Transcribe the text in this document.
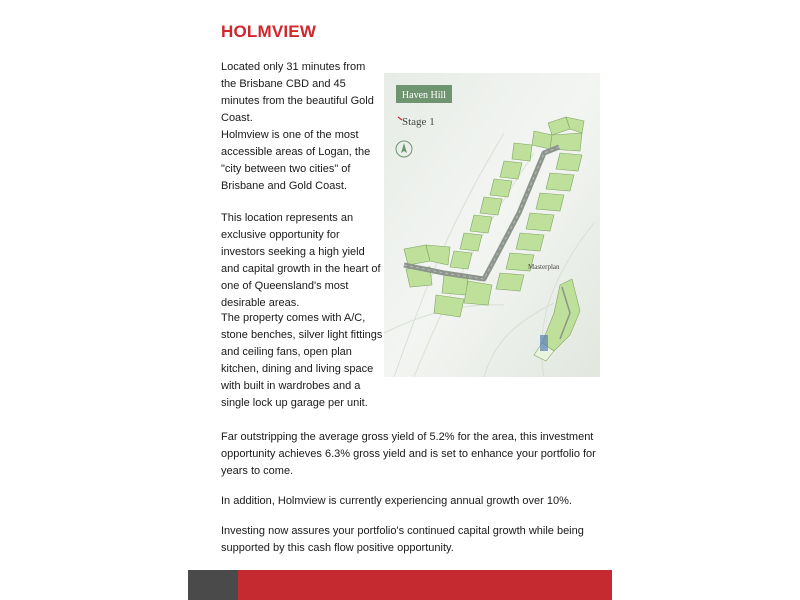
HOLMVIEW

Located only 31 minutes from the Brisbane CBD and 45 minutes from the beautiful Gold Coast.

Holmview is one of the most accessible areas of Logan, the "city between two cities" of Brisbane and Gold Coast.

This location represents an exclusive opportunity for investors seeking a high yield and capital growth in the heart of one of Queensland's most desirable areas.

The property comes with A/C, stone benches, silver light fittings and ceiling fans, open plan kitchen, dining and living space with built in wardrobes and a single lock up garage per unit.

Far outstripping the average gross yield of 5.2% for the area, this investment opportunity achieves 6.3% gross yield and is set to enhance your portfolio for years to come.

In addition, Holmview is currently experiencing annual growth over 10%.

Investing now assures your portfolio's continued capital growth while being supported by this cash flow positive opportunity.

Haven Hill
Stage 1
Masterplan
